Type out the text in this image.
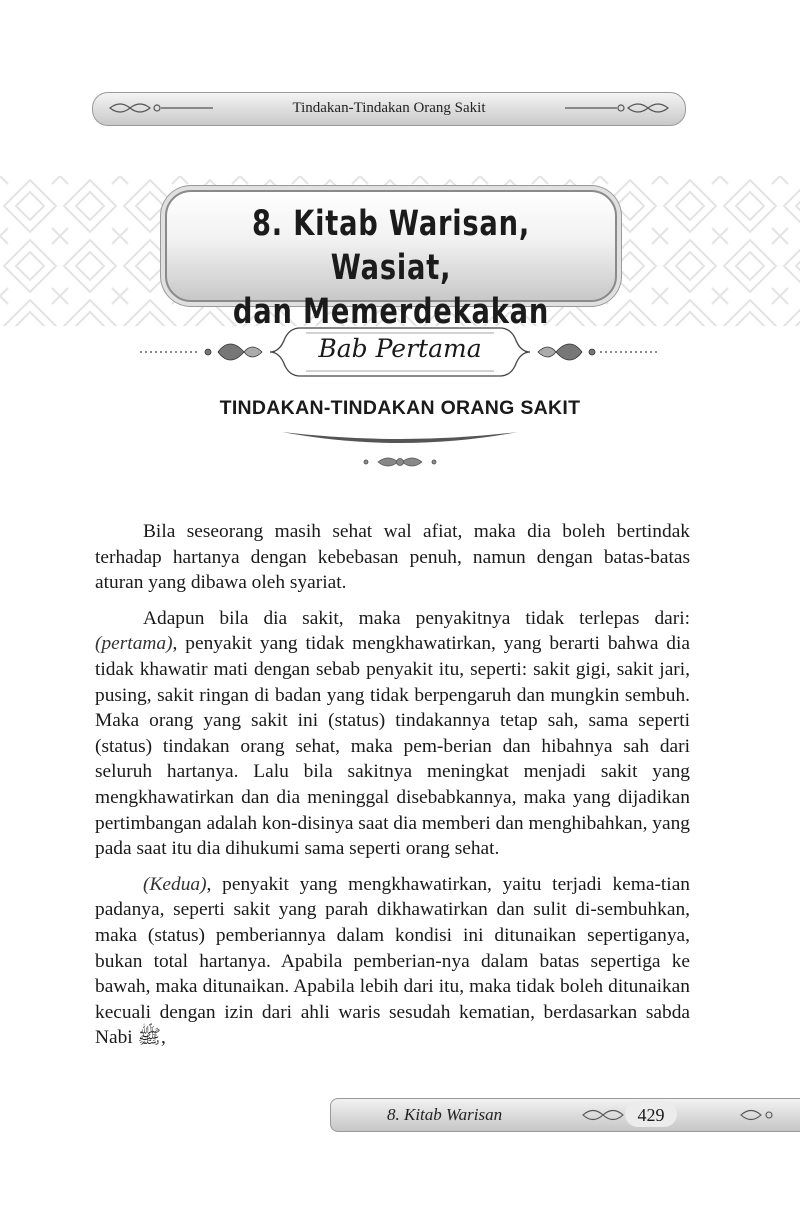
Tindakan-Tindakan Orang Sakit
8. Kitab Warisan, Wasiat,
dan Memerdekakan
Bab Pertama
TINDAKAN-TINDAKAN ORANG SAKIT

Bila seseorang masih sehat wal afiat, maka dia boleh bertindak terhadap hartanya dengan kebebasan penuh, namun dengan batas-batas aturan yang dibawa oleh syariat.

Adapun bila dia sakit, maka penyakitnya tidak terlepas dari: (pertama), penyakit yang tidak mengkhawatirkan, yang berarti bahwa dia tidak khawatir mati dengan sebab penyakit itu, seperti: sakit gigi, sakit jari, pusing, sakit ringan di badan yang tidak berpengaruh dan mungkin sembuh. Maka orang yang sakit ini (status) tindakannya tetap sah, sama seperti (status) tindakan orang sehat, maka pem-berian dan hibahnya sah dari seluruh hartanya. Lalu bila sakitnya meningkat menjadi sakit yang mengkhawatirkan dan dia meninggal disebabkannya, maka yang dijadikan pertimbangan adalah kon-disinya saat dia memberi dan menghibahkan, yang pada saat itu dia dihukumi sama seperti orang sehat.

(Kedua), penyakit yang mengkhawatirkan, yaitu terjadi kema-tian padanya, seperti sakit yang parah dikhawatirkan dan sulit di-sembuhkan, maka (status) pemberiannya dalam kondisi ini ditunaikan sepertiganya, bukan total hartanya. Apabila pemberian-nya dalam batas sepertiga ke bawah, maka ditunaikan. Apabila lebih dari itu, maka tidak boleh ditunaikan kecuali dengan izin dari ahli waris sesudah kematian, berdasarkan sabda Nabi ﷺ,

8. Kitab Warisan	429
